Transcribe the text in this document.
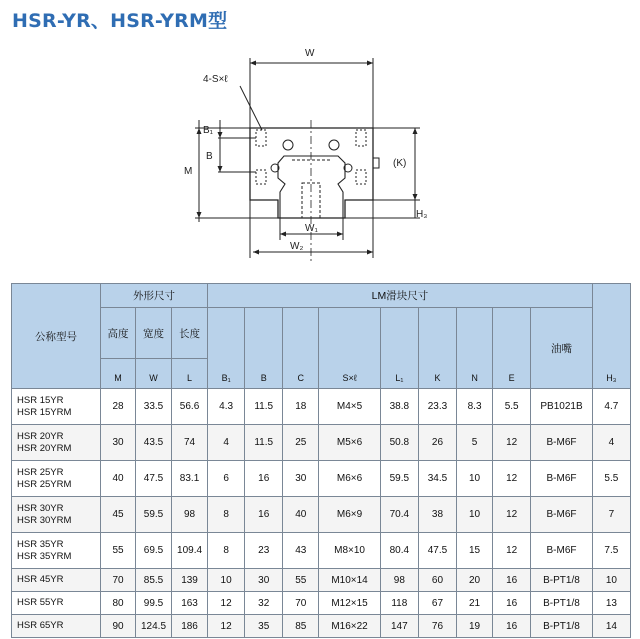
HSR-YR、HSR-YRM型
W
4-S×ℓ
B₁
B
M
(K)
H₃
W₁
W₂
公称型号	外形尺寸			LM滑块尺寸									H₃
	高度	宽度	长度	B₁	B	C	S×ℓ	L₁	K	N	E	油嘴	
	M	W	L										

HSR 15YR
HSR 15YRM	28	33.5	56.6	4.3	11.5	18	M4×5	38.8	23.3	8.3	5.5	PB1021B	4.7

HSR 20YR
HSR 20YRM	30	43.5	74	4	11.5	25	M5×6	50.8	26	5	12	B-M6F	4

HSR 25YR
HSR 25YRM	40	47.5	83.1	6	16	30	M6×6	59.5	34.5	10	12	B-M6F	5.5

HSR 30YR
HSR 30YRM	45	59.5	98	8	16	40	M6×9	70.4	38	10	12	B-M6F	7

HSR 35YR
HSR 35YRM	55	69.5	109.4	8	23	43	M8×10	80.4	47.5	15	12	B-M6F	7.5

HSR 45YR	70	85.5	139	10	30	55	M10×14	98	60	20	16	B-PT1/8	10

HSR 55YR	80	99.5	163	12	32	70	M12×15	118	67	21	16	B-PT1/8	13

HSR 65YR	90	124.5	186	12	35	85	M16×22	147	76	19	16	B-PT1/8	14
